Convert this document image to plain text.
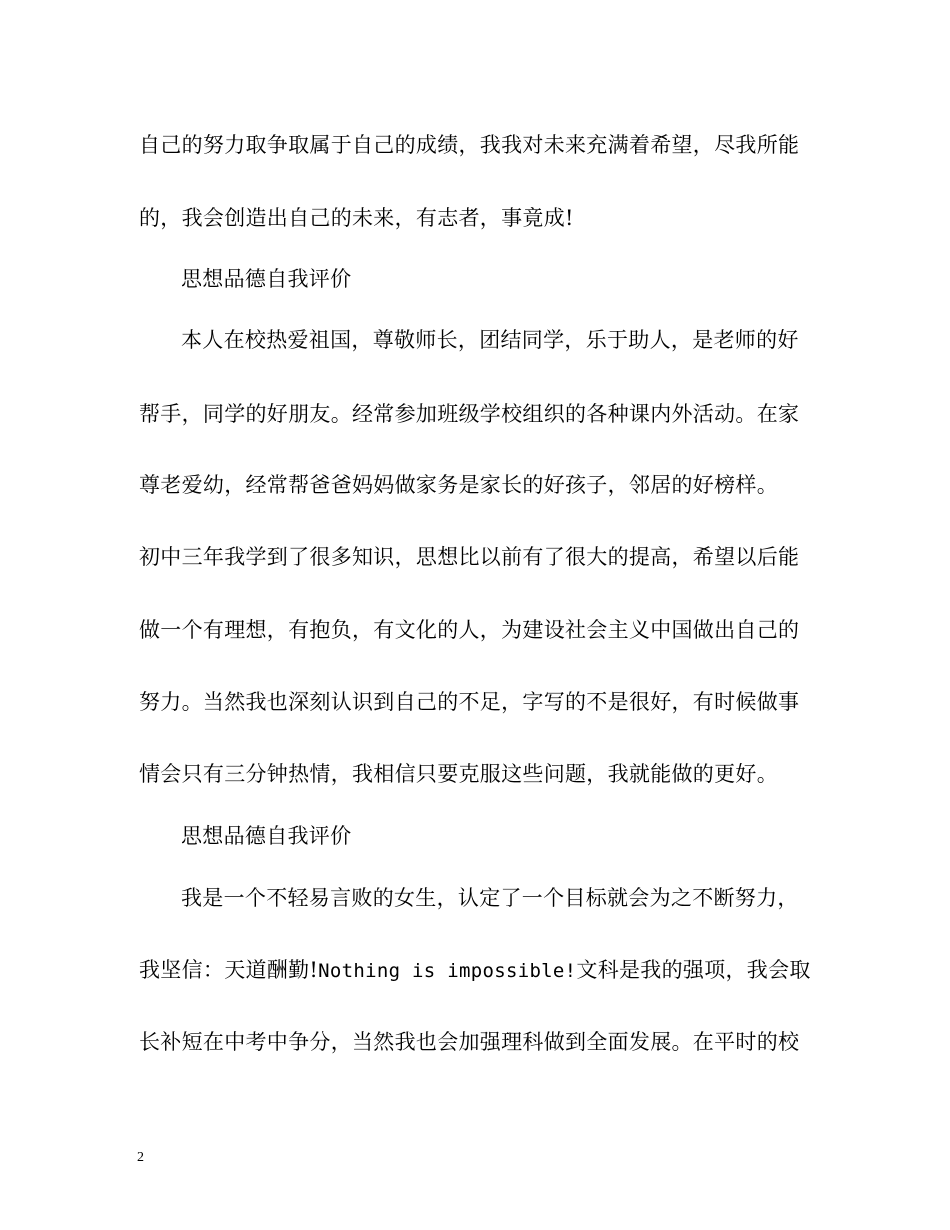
自己的努力取争取属于自己的成绩，我我对未来充满着希望，尽我所能
的，我会创造出自己的未来，有志者，事竟成!
思想品德自我评价
本人在校热爱祖国，尊敬师长，团结同学，乐于助人，是老师的好
帮手，同学的好朋友。经常参加班级学校组织的各种课内外活动。在家
尊老爱幼，经常帮爸爸妈妈做家务是家长的好孩子，邻居的好榜样。
初中三年我学到了很多知识，思想比以前有了很大的提高，希望以后能
做一个有理想，有抱负，有文化的人，为建设社会主义中国做出自己的
努力。当然我也深刻认识到自己的不足，字写的不是很好，有时候做事
情会只有三分钟热情，我相信只要克服这些问题，我就能做的更好。
思想品德自我评价
我是一个不轻易言败的女生，认定了一个目标就会为之不断努力，
我坚信：天道酬勤!Nothing is impossible!文科是我的强项，我会取
长补短在中考中争分，当然我也会加强理科做到全面发展。在平时的校
2
